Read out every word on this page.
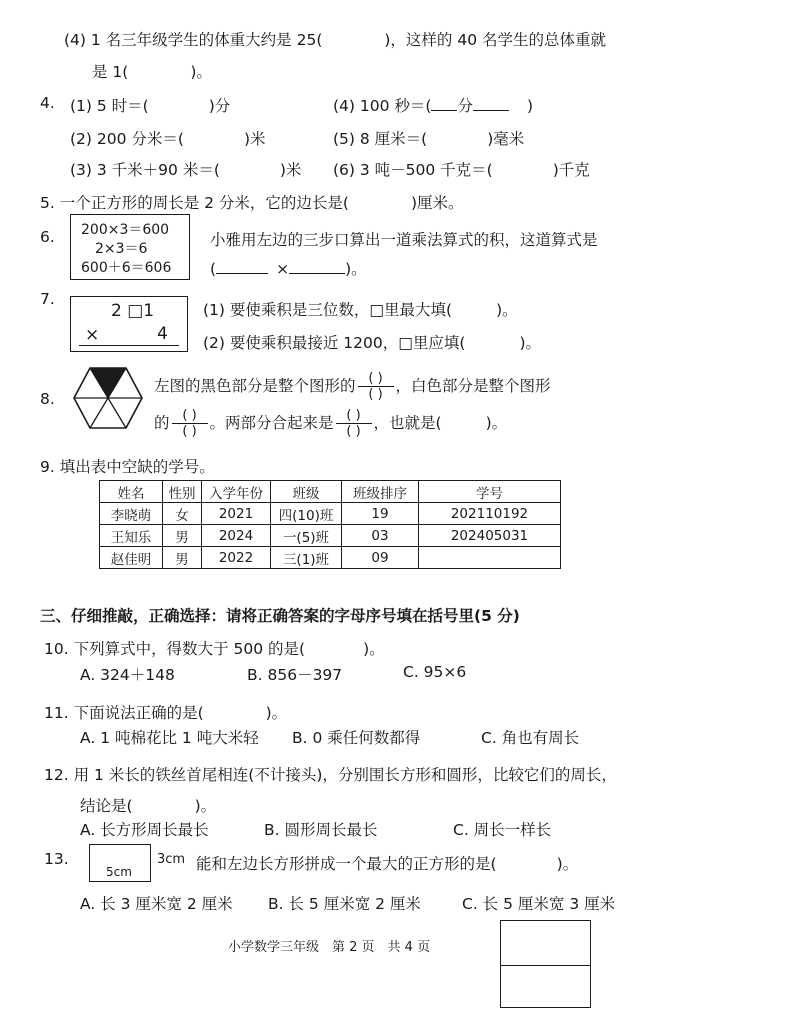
(4) 1 名三年级学生的体重大约是 25(	)，这样的 40 名学生的总体重就
是 1(	)。
4. (1) 5 时＝(	)分	(4) 100 秒＝( 分	)
(2) 200 分米＝(	)米	(5) 8 厘米＝(	)毫米
(3) 3 千米＋90 米＝(	)米 (6) 3 吨－500 千克＝(	)千克
5. 一个正方形的周长是 2 分米，它的边长是(	)厘米。
6. 200×3＝600
2×3＝6
600＋6＝606
小雅用左边的三步口算出一道乘法算式的积，这道算式是
(	×	)。
7.
2 □1
×	4
(1) 要使乘积是三位数，□里最大填(	)。
(2) 要使乘积最接近 1200，□里应填(	)。
8.
左图的黑色部分是整个图形的 $\frac{( )}{( )}$ ，白色部分是整个图形
的 $\frac{( )}{( )}$ 。两部分合起来是 $\frac{( )}{( )}$ ，也就是(	)。
9. 填出表中空缺的学号。
姓名	性别	入学年份	班级	班级排序	学号
李晓萌	女	2021	四(10)班	19	202110192
王知乐	男	2024	一(5)班	03	202405031
赵佳明	男	2022	三(1)班	09	
三、仔细推敲，正确选择：请将正确答案的字母序号填在括号里(5 分)
10. 下列算式中，得数大于 500 的是(	)。
A. 324＋148	B. 856－397	C. 95×6
11. 下面说法正确的是(	)。
A. 1 吨棉花比 1 吨大米轻 B. 0 乘任何数都得	C. 角也有周长
12. 用 1 米长的铁丝首尾相连(不计接头)，分别围长方形和圆形，比较它们的周长，
结论是(	)。
A. 长方形周长最长	B. 圆形周长最长	C. 周长一样长
13.
5cm
3cm 能和左边长方形拼成一个最大的正方形的是(	)。
A. 长 3 厘米宽 2 厘米 B. 长 5 厘米宽 2 厘米	C. 长 5 厘米宽 3 厘米
小学数学三年级　第 2 页　共 4 页
